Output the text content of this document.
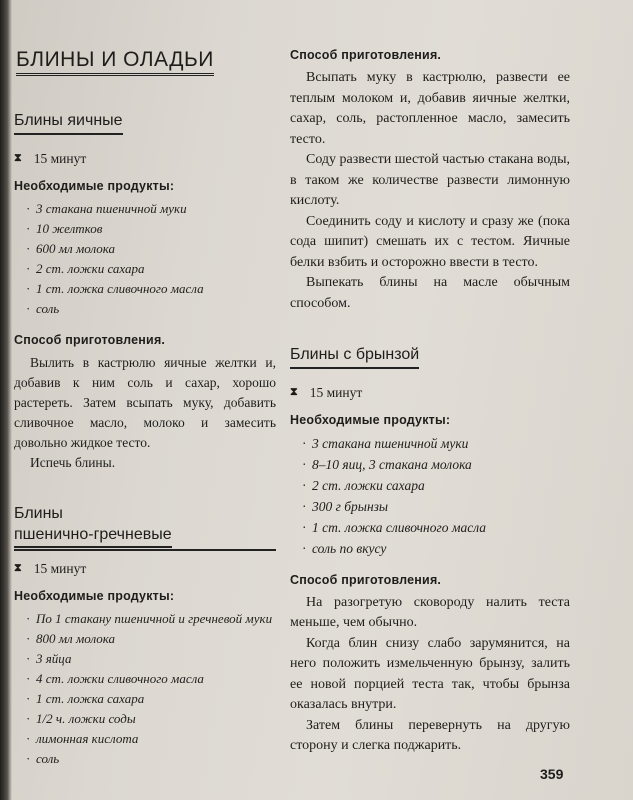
БЛИНЫ И ОЛАДЬИ
Блины яичные
⧗ 15 минут
Необходимые продукты:
· 3 стакана пшеничной муки
· 10 желтков
· 600 мл молока
· 2 ст. ложки сахара
· 1 ст. ложка сливочного масла
· соль
Способ приготовления.

Вылить в кастрюлю яичные желтки и, добавив к ним соль и сахар, хорошо растереть. Затем всыпать муку, добавить сливочное масло, молоко и замесить довольно жидкое тесто.

Испечь блины.

Блины
пшенично-гречневые
⧗ 15 минут
Необходимые продукты:
· По 1 стакану пшеничной и гречневой муки
· 800 мл молока
· 3 яйца
· 4 ст. ложки сливочного масла
· 1 ст. ложка сахара
· 1/2 ч. ложки соды
· лимонная кислота
· соль
Способ приготовления.

Всыпать муку в кастрюлю, развести ее теплым молоком и, добавив яичные желтки, сахар, соль, растопленное масло, замесить тесто.

Соду развести шестой частью стакана воды, в таком же количестве развести лимонную кислоту.

Соединить соду и кислоту и сразу же (пока сода шипит) смешать их с тестом. Яичные белки взбить и осторожно ввести в тесто.

Выпекать блины на масле обычным способом.

Блины с брынзой
⧗ 15 минут
Необходимые продукты:
· 3 стакана пшеничной муки
· 8–10 яиц, 3 стакана молока
· 2 ст. ложки сахара
· 300 г брынзы
· 1 ст. ложка сливочного масла
· соль по вкусу
Способ приготовления.

На разогретую сковороду налить теста меньше, чем обычно.

Когда блин снизу слабо зарумянится, на него положить измельченную брынзу, залить ее новой порцией теста так, чтобы брынза оказалась внутри.

Затем блины перевернуть на другую сторону и слегка поджарить.

359
